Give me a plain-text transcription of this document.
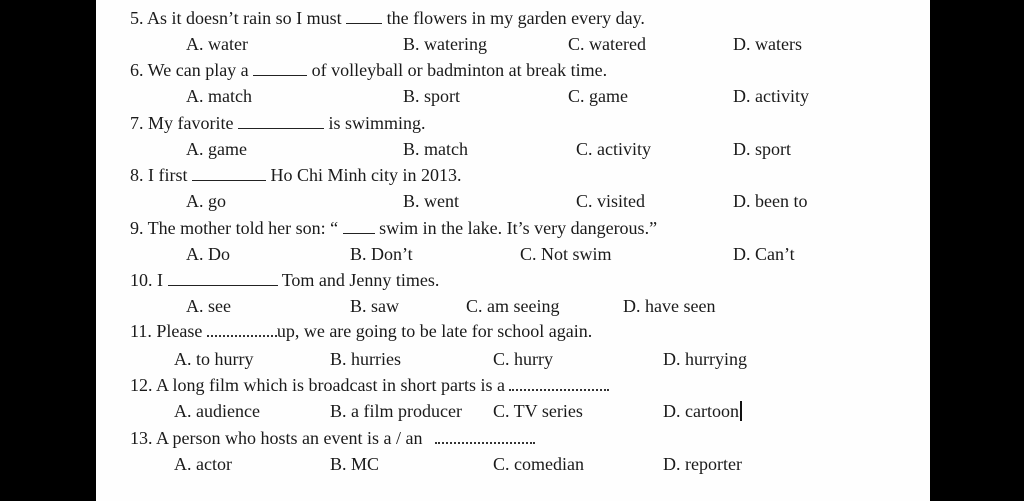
5. As it doesn’t rain so I must	the flowers in my garden every day.
A. water	B. watering	C. watered	D. waters
6. We can play a	of volleyball or badminton at break time.
A. match	B. sport	C. game	D. activity
7. My favorite	is swimming.
A. game	B. match	C. activity	D. sport
8. I first	Ho Chi Minh city in 2013.
A. go	B. went	C. visited	D. been to
9. The mother told her son: “ swim in the lake. It’s very dangerous.”
A. Do	B. Don’t	C. Not swim	D. Can’t
10. I	Tom and Jenny times.
A. see	B. saw	C. am seeing	D. have seen
11. Please	up, we are going to be late for school again.
A. to hurry	B. hurries	C. hurry	D. hurrying
12. A long film which is broadcast in short parts is a
A. audience	B. a film producer C. TV series	D. cartoon
13. A person who hosts an event is a / an
A. actor	B. MC	C. comedian	D. reporter
